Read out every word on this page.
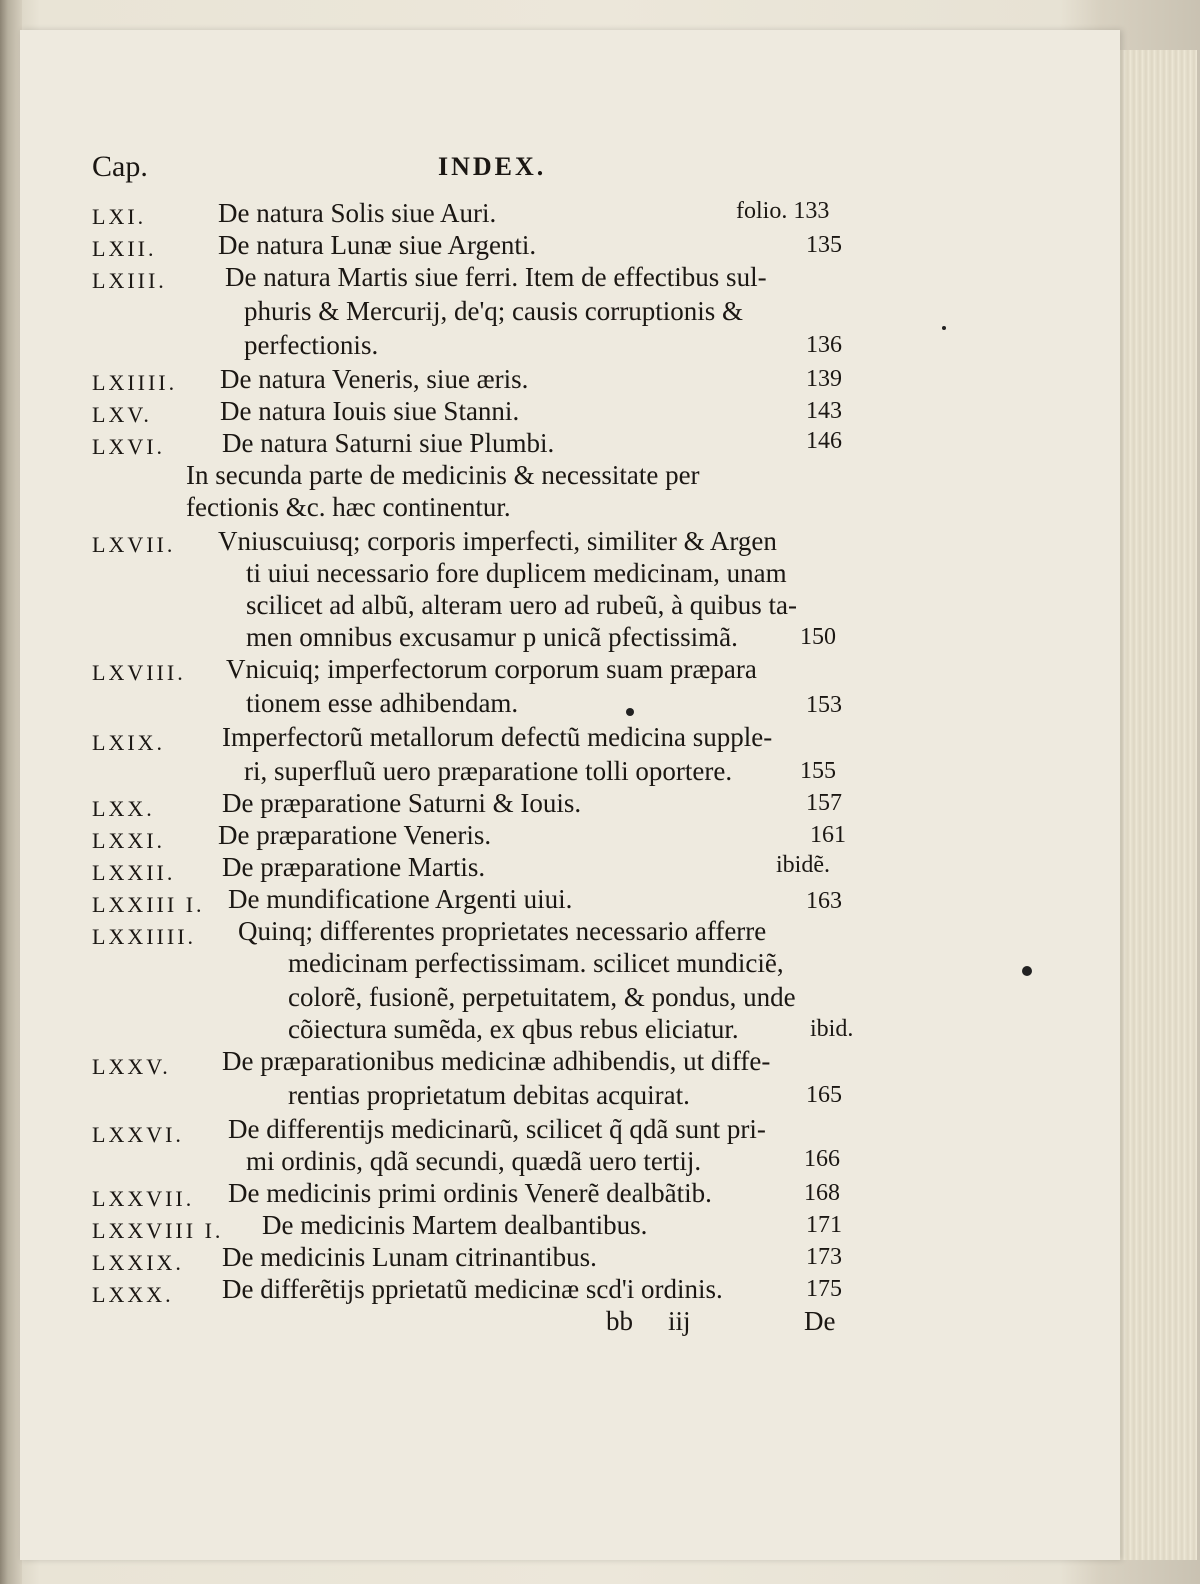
Cap.	INDEX.
LXI.	De natura Solis siue Auri.	folio. 133
LXII. De natura Lunæ siue Argenti.	135
LXIII. De natura Martis siue ferri. Item de effectibus sul-
phuris & Mercurij, de'q; causis corruptionis &
perfectionis.	136
LXIIII. De natura Veneris, siue æris.	139
LXV.	De natura Iouis siue Stanni.	143
LXVI. De natura Saturni siue Plumbi.	146
In secunda parte de medicinis & necessitate per
fectionis &c. hæc continentur.
LXVII. Vniuscuiusq; corporis imperfecti, similiter & Argen
ti uiui necessario fore duplicem medicinam, unam
scilicet ad albũ, alteram uero ad rubeũ, à quibus ta-
men omnibus excusamur p unicã pfectissimã.	150
LXVIII. Vnicuiq; imperfectorum corporum suam præpara
tionem esse adhibendam.	153
LXIX. Imperfectorũ metallorum defectũ medicina supple-
ri, superfluũ uero præparatione tolli oportere.	155
LXX. De præparatione Saturni & Iouis.	157
LXXI. De præparatione Veneris.	161
LXXII. De præparatione Martis.	ibidẽ.
LXXIII I. De mundificatione Argenti uiui.	163
LXXIIII. Quinq; differentes proprietates necessario afferre
medicinam perfectissimam. scilicet mundiciẽ,
colorẽ, fusionẽ, perpetuitatem, & pondus, unde
cõiectura sumẽda, ex qbus rebus eliciatur.	ibid.
LXXV. De præparationibus medicinæ adhibendis, ut diffe-
rentias proprietatum debitas acquirat.	165
LXXVI. De differentijs medicinarũ, scilicet q̃ qdã sunt pri-
mi ordinis, qdã secundi, quædã uero tertij.	166
LXXVII. De medicinis primi ordinis Venerẽ dealbãtib.	168
LXXVIII I. De medicinis Martem dealbantibus.	171
LXXIX. De medicinis Lunam citrinantibus.	173
LXXX. De differẽtijs pprietatũ medicinæ scd'i ordinis.	175
bb iij	De
